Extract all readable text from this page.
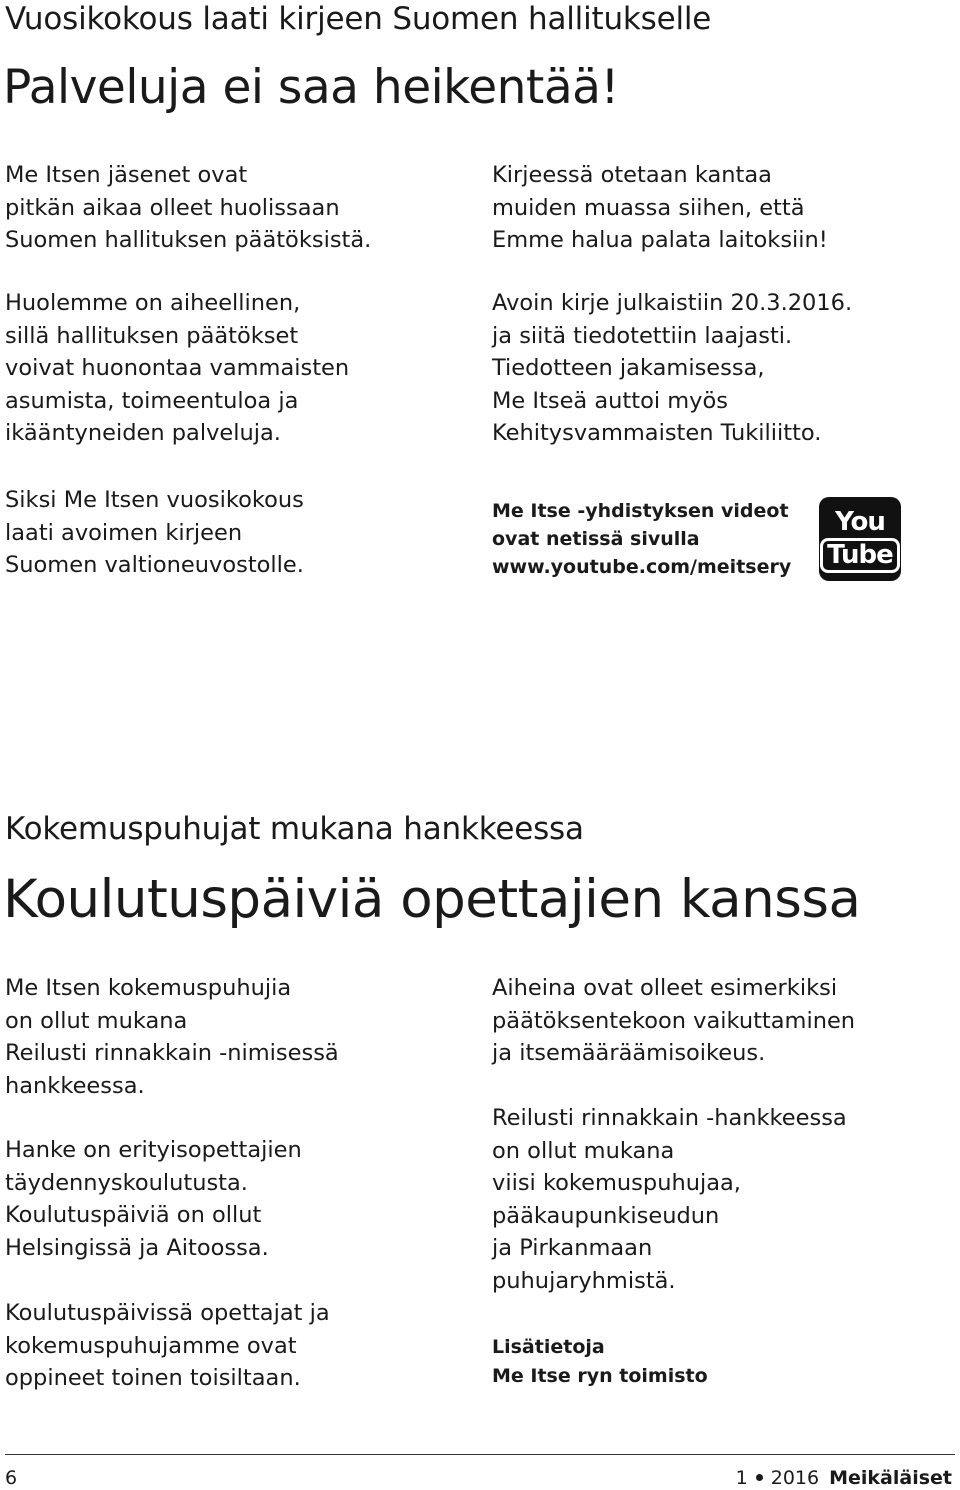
Vuosikokous laati kirjeen Suomen hallitukselle
Palveluja ei saa heikentää!

Me Itsen jäsenet ovat
pitkän aikaa olleet huolissaan
Suomen hallituksen päätöksistä.

Huolemme on aiheellinen,
sillä hallituksen päätökset
voivat huonontaa vammaisten
asumista, toimeentuloa ja
ikääntyneiden palveluja.

Siksi Me Itsen vuosikokous
laati avoimen kirjeen
Suomen valtioneuvostolle.

Kirjeessä otetaan kantaa
muiden muassa siihen, että
Emme halua palata laitoksiin!

Avoin kirje julkaistiin 20.3.2016.
ja siitä tiedotettiin laajasti.
Tiedotteen jakamisessa,
Me Itseä auttoi myös
Kehitysvammaisten Tukiliitto.

Me Itse -yhdistyksen videot
ovat netissä sivulla
www.youtube.com/meitsery

You
Tube
Kokemuspuhujat mukana hankkeessa
Koulutuspäiviä opettajien kanssa

Me Itsen kokemuspuhujia
on ollut mukana
Reilusti rinnakkain -nimisessä
hankkeessa.

Hanke on erityisopettajien
täydennyskoulutusta.
Koulutuspäiviä on ollut
Helsingissä ja Aitoossa.

Koulutuspäivissä opettajat ja
kokemuspuhujamme ovat
oppineet toinen toisiltaan.

Aiheina ovat olleet esimerkiksi
päätöksentekoon vaikuttaminen
ja itsemääräämisoikeus.

Reilusti rinnakkain -hankkeessa
on ollut mukana
viisi kokemuspuhujaa,
pääkaupunkiseudun
ja Pirkanmaan
puhujaryhmistä.

Lisätietoja

Me Itse ryn toimisto

6	1 2016 Meikäläiset
